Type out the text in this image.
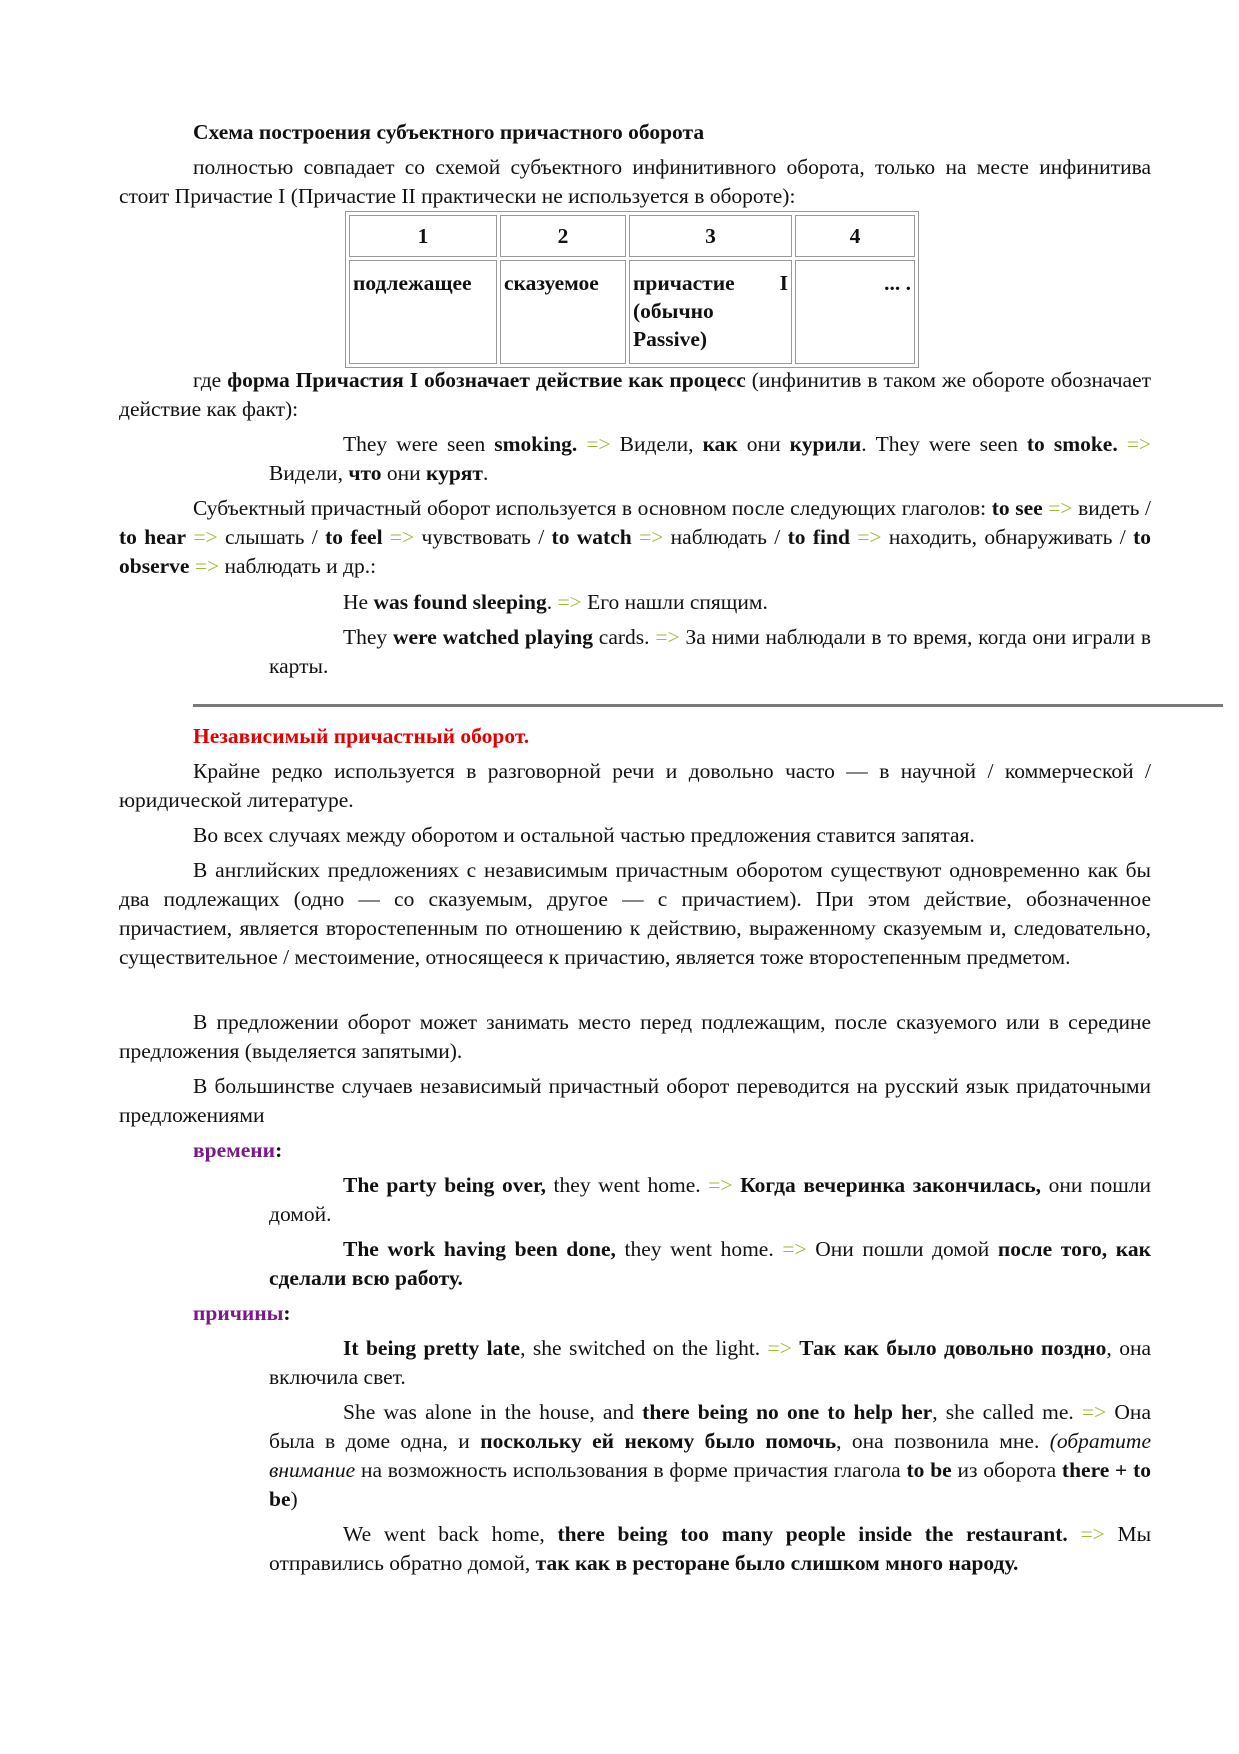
Схема построения субъектного причастного оборота

полностью совпадает со схемой субъектного инфинитивного оборота, только на месте инфинитива стоит Причастие I (Причастие II практически не используется в обороте):

где форма Причастия I обозначает действие как процесс (инфинитив в таком же обороте обозначает действие как факт):

They were seen smoking. => Видели, как они курили. They were seen to smoke. => Видели, что они курят.

Субъектный причастный оборот используется в основном после следующих глаголов: to see => видеть / to hear => слышать / to feel => чувствовать / to watch => наблюдать / to find => находить, обнаруживать / to observe => наблюдать и др.:

He was found sleeping. => Его нашли спящим.

They were watched playing cards. => За ними наблюдали в то время, когда они играли в карты.

Независимый причастный оборот.

Крайне редко используется в разговорной речи и довольно часто — в научной / коммерческой / юридической литературе.

Во всех случаях между оборотом и остальной частью предложения ставится запятая.

В английских предложениях с независимым причастным оборотом существуют одновременно как бы два подлежащих (одно — со сказуемым, другое — с причастием). При этом действие, обозначенное причастием, является второстепенным по отношению к действию, выраженному сказуемым и, следовательно, существительное / местоимение, относящееся к причастию, является тоже второстепенным предметом.

В предложении оборот может занимать место перед подлежащим, после сказуемого или в середине предложения (выделяется запятыми).

В большинстве случаев независимый причастный оборот переводится на русский язык придаточными предложениями

времени:

The party being over, they went home. => Когда вечеринка закончилась, они пошли домой.

The work having been done, they went home. => Они пошли домой после того, как сделали всю работу.

причины:

It being pretty late, she switched on the light. => Так как было довольно поздно, она включила свет.

She was alone in the house, and there being no one to help her, she called me. => Она была в доме одна, и поскольку ей некому было помочь, она позвонила мне. (обратите внимание на возможность использования в форме причастия глагола to be из оборота there + to be)

We went back home, there being too many people inside the restaurant. => Мы отправились обратно домой, так как в ресторане было слишком много народу.

1	2	3	4
подлежащее	сказуемое	причастие I (обычно Passive)	... .
